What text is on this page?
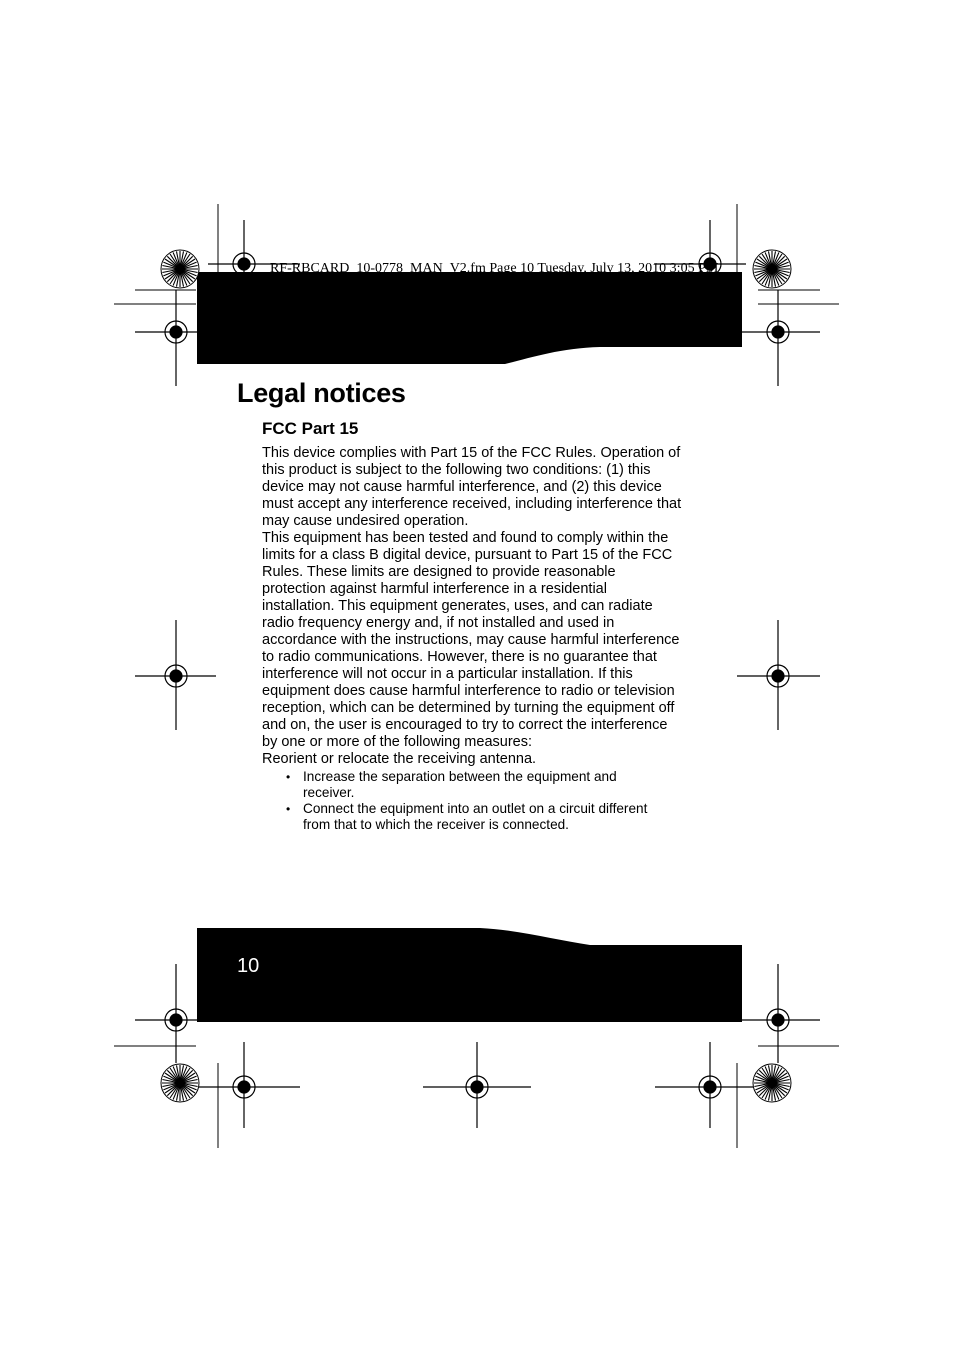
RF-RBCARD_10-0778_MAN_V2.fm Page 10 Tuesday, July 13, 2010 3:05 PM
Legal notices
FCC Part 15

This device complies with Part 15 of the FCC Rules. Operation of this product is subject to the following two conditions: (1) this device may not cause harmful interference, and (2) this device must accept any interference received, including interference that may cause undesired operation.

This equipment has been tested and found to comply within the limits for a class B digital device, pursuant to Part 15 of the FCC Rules. These limits are designed to provide reasonable protection against harmful interference in a residential installation. This equipment generates, uses, and can radiate radio frequency energy and, if not installed and used in accordance with the instructions, may cause harmful interference to radio communications. However, there is no guarantee that interference will not occur in a particular installation. If this equipment does cause harmful interference to radio or television reception, which can be determined by turning the equipment off and on, the user is encouraged to try to correct the interference by one or more of the following measures:

Reorient or relocate the receiving antenna.

• Increase the separation between the equipment and receiver.
• Connect the equipment into an outlet on a circuit different from that to which the receiver is connected.
10
